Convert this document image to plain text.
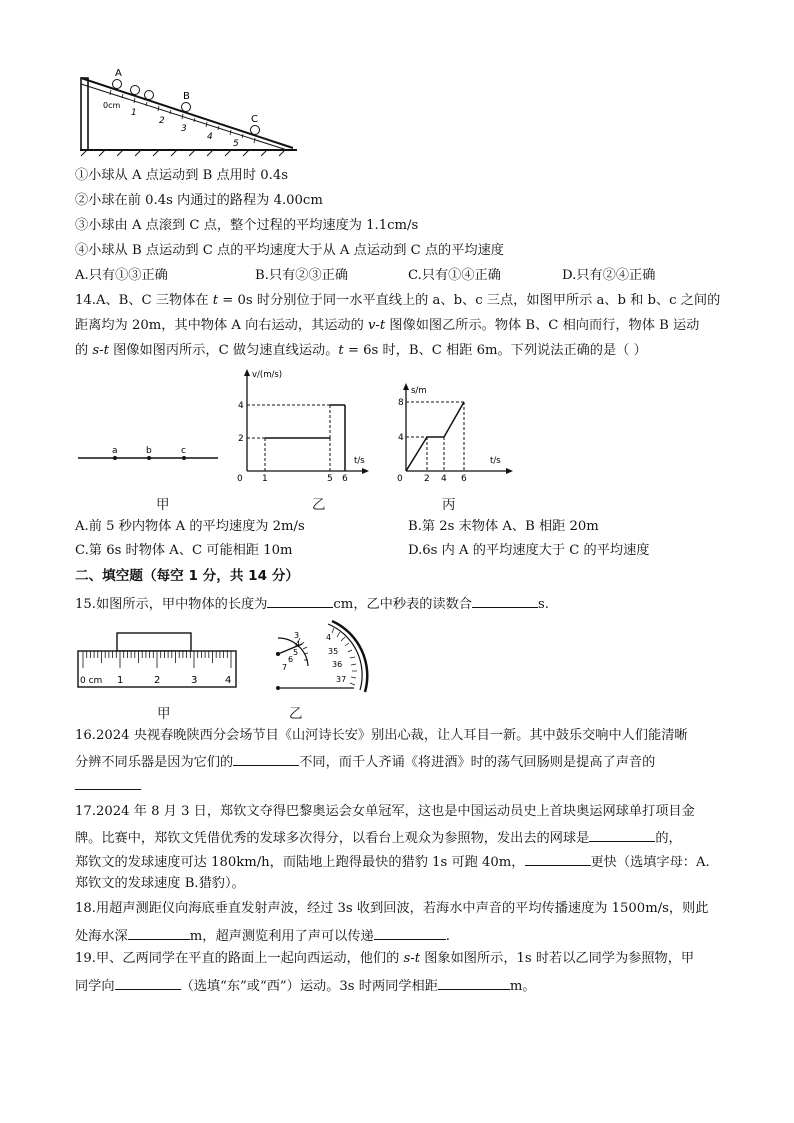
A
B
C
0cm
1
2
3
4
5
①小球从 A 点运动到 B 点用时 0.4s
②小球在前 0.4s 内通过的路程为 4.00cm
③小球由 A 点滚到 C 点，整个过程的平均速度为 1.1cm/s
④小球从 B 点运动到 C 点的平均速度大于从 A 点运动到 C 点的平均速度
A.只有①③正确	B.只有②③正确	C.只有①④正确	D.只有②④正确
14.A、B、C 三物体在 t = 0s 时分别位于同一水平直线上的 a、b、c 三点，如图甲所示 a、b 和 b、c 之间的
距离均为 20m，其中物体 A 向右运动，其运动的 v-t 图像如图乙所示。物体 B、C 相向而行，物体 B 运动
的 s-t 图像如图丙所示，C 做匀速直线运动。t = 6s 时，B、C 相距 6m。下列说法正确的是（ ）
a	b	c
甲
v/(m/s)
t/s
0
2
4
1	5 6
乙
s/m
t/s
0
4
8
2 4 6
丙
A.前 5 秒内物体 A 的平均速度为 2m/s	B.第 2s 末物体 A、B 相距 20m
C.第 6s 时物体 A、C 可能相距 10m	D.6s 内 A 的平均速度大于 C 的平均速度
二、填空题（每空 1 分，共 14 分）
15.如图所示，甲中物体的长度为	cm，乙中秒表的读数合	s.
0 cm 1	2	3	4
甲
3
4
5
6
7
4
35
36
37
乙
16.2024 央视春晚陕西分会场节目《山河诗长安》别出心裁，让人耳目一新。其中鼓乐交响中人们能清晰
分辨不同乐器是因为它们的	不同，而千人齐诵《将进酒》时的荡气回肠则是提高了声音的
17.2024 年 8 月 3 日，郑钦文夺得巴黎奥运会女单冠军，这也是中国运动员史上首块奥运网球单打项目金
牌。比赛中，郑钦文凭借优秀的发球多次得分，以看台上观众为参照物，发出去的网球是	的，
郑钦文的发球速度可达 180km/h，而陆地上跑得最快的猎豹 1s 可跑 40m，	更快（选填字母：A.
郑钦文的发球速度 B.猎豹）。
18.用超声测距仪向海底垂直发射声波，经过 3s 收到回波，若海水中声音的平均传播速度为 1500m/s，则此
处海水深	m，超声测览利用了声可以传递	.
19.甲、乙两同学在平直的路面上一起向西运动，他们的 s-t 图象如图所示，1s 时若以乙同学为参照物，甲
同学向	（选填“东”或“西”）运动。3s 时两同学相距	m。
